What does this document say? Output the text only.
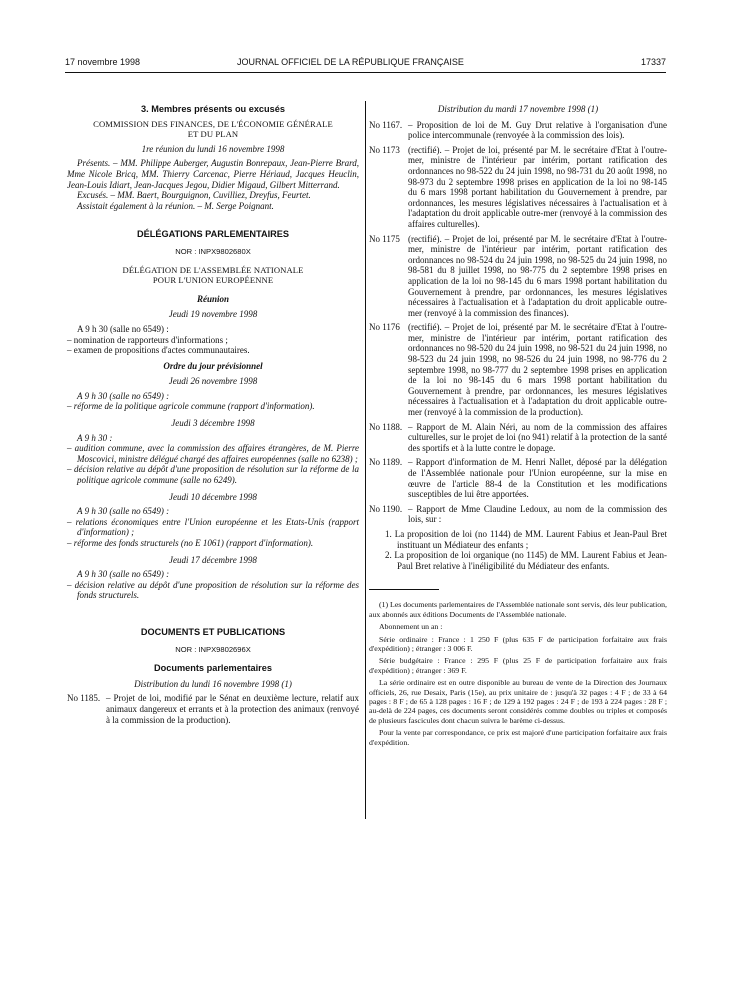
17 novembre 1998	JOURNAL OFFICIEL DE LA RÉPUBLIQUE FRANÇAISE	17337
3. Membres présents ou excusés
COMMISSION DES FINANCES, DE L'ÉCONOMIE GÉNÉRALE
ET DU PLAN
1re réunion du lundi 16 novembre 1998
Présents. – MM. Philippe Auberger, Augustin Bonrepaux, Jean-Pierre Brard, Mme Nicole Bricq, MM. Thierry Carcenac, Pierre Hériaud, Jacques Heuclin, Jean-Louis Idiart, Jean-Jacques Jegou, Didier Migaud, Gilbert Mitterrand.
Excusés. – MM. Baert, Bourguignon, Cuvilliez, Dreyfus, Feurtet.
Assistait également à la réunion. – M. Serge Poignant.
DÉLÉGATIONS PARLEMENTAIRES
NOR : INPX9802680X
DÉLÉGATION DE L'ASSEMBLÉE NATIONALE
POUR L'UNION EUROPÉENNE
Réunion
Jeudi 19 novembre 1998
A 9 h 30 (salle no 6549) :
– nomination de rapporteurs d'informations ;
– examen de propositions d'actes communautaires.
Ordre du jour prévisionnel
Jeudi 26 novembre 1998
A 9 h 30 (salle no 6549) :
– réforme de la politique agricole commune (rapport d'information).
Jeudi 3 décembre 1998
A 9 h 30 :
– audition commune, avec la commission des affaires étrangères, de M. Pierre Moscovici, ministre délégué chargé des affaires européennes (salle no 6238) ;
– décision relative au dépôt d'une proposition de résolution sur la réforme de la politique agricole commune (salle no 6249).
Jeudi 10 décembre 1998
A 9 h 30 (salle no 6549) :
– relations économiques entre l'Union européenne et les Etats-Unis (rapport d'information) ;
– réforme des fonds structurels (no E 1061) (rapport d'information).
Jeudi 17 décembre 1998
A 9 h 30 (salle no 6549) :
– décision relative au dépôt d'une proposition de résolution sur la réforme des fonds structurels.
DOCUMENTS ET PUBLICATIONS
NOR : INPX9802696X
Documents parlementaires
Distribution du lundi 16 novembre 1998 (1)
No 1185. – Projet de loi, modifié par le Sénat en deuxième lecture, relatif aux animaux dangereux et errants et à la protection des animaux (renvoyé à la commission de la production).
Distribution du mardi 17 novembre 1998 (1)
No 1167. – Proposition de loi de M. Guy Drut relative à l'organisation d'une police intercommunale (renvoyée à la commission des lois).
No 1173 (rectifié). – Projet de loi, présenté par M. le secrétaire d'Etat à l'outre-mer, ministre de l'intérieur par intérim, portant ratification des ordonnances no 98-522 du 24 juin 1998, no 98-731 du 20 août 1998, no 98-973 du 2 septembre 1998 prises en application de la loi no 98-145 du 6 mars 1998 portant habilitation du Gouvernement à prendre, par ordonnances, les mesures législatives nécessaires à l'actualisation et à l'adaptation du droit applicable outre-mer (renvoyé à la commission des affaires culturelles).
No 1175 (rectifié). – Projet de loi, présenté par M. le secrétaire d'Etat à l'outre-mer, ministre de l'intérieur par intérim, portant ratification des ordonnances no 98-524 du 24 juin 1998, no 98-525 du 24 juin 1998, no 98-581 du 8 juillet 1998, no 98-775 du 2 septembre 1998 prises en application de la loi no 98-145 du 6 mars 1998 portant habilitation du Gouvernement à prendre, par ordonnances, les mesures législatives nécessaires à l'actualisation et à l'adaptation du droit applicable outre-mer (renvoyé à la commission des finances).
No 1176 (rectifié). – Projet de loi, présenté par M. le secrétaire d'Etat à l'outre-mer, ministre de l'intérieur par intérim, portant ratification des ordonnances no 98-520 du 24 juin 1998, no 98-521 du 24 juin 1998, no 98-523 du 24 juin 1998, no 98-526 du 24 juin 1998, no 98-776 du 2 septembre 1998, no 98-777 du 2 septembre 1998 prises en application de la loi no 98-145 du 6 mars 1998 portant habilitation du Gouvernement à prendre, par ordonnances, les mesures législatives nécessaires à l'actualisation et à l'adaptation du droit applicable outre-mer (renvoyé à la commission de la production).
No 1188. – Rapport de M. Alain Néri, au nom de la commission des affaires culturelles, sur le projet de loi (no 941) relatif à la protection de la santé des sportifs et à la lutte contre le dopage.
No 1189. – Rapport d'information de M. Henri Nallet, déposé par la délégation de l'Assemblée nationale pour l'Union européenne, sur la mise en œuvre de l'article 88-4 de la Constitution et les modifications susceptibles de lui être apportées.
No 1190. – Rapport de Mme Claudine Ledoux, au nom de la commission des lois, sur :
1. La proposition de loi (no 1144) de MM. Laurent Fabius et Jean-Paul Bret instituant un Médiateur des enfants ;
2. La proposition de loi organique (no 1145) de MM. Laurent Fabius et Jean-Paul Bret relative à l'inéligibilité du Médiateur des enfants.

(1) Les documents parlementaires de l'Assemblée nationale sont servis, dès leur publication, aux abonnés aux éditions Documents de l'Assemblée nationale.

Abonnement un an :

Série ordinaire : France : 1 250 F (plus 635 F de participation forfaitaire aux frais d'expédition) ; étranger : 3 006 F.

Série budgétaire : France : 295 F (plus 25 F de participation forfaitaire aux frais d'expédition) ; étranger : 369 F.

La série ordinaire est en outre disponible au bureau de vente de la Direction des Journaux officiels, 26, rue Desaix, Paris (15e), au prix unitaire de : jusqu'à 32 pages : 4 F ; de 33 à 64 pages : 8 F ; de 65 à 128 pages : 16 F ; de 129 à 192 pages : 24 F ; de 193 à 224 pages : 28 F ; au-delà de 224 pages, ces documents seront considérés comme doubles ou triples et composés de plusieurs fascicules dont chacun suivra le barème ci-dessus.

Pour la vente par correspondance, ce prix est majoré d'une participation forfaitaire aux frais d'expédition.
